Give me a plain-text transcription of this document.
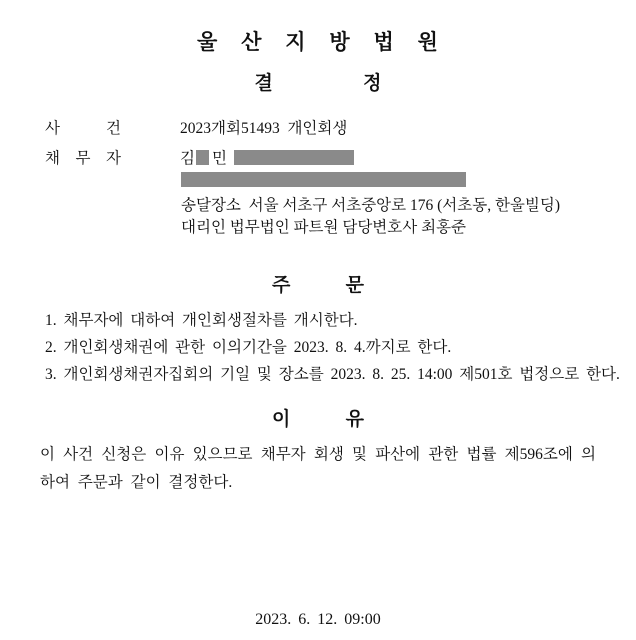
울 산 지 방 법 원
결 정
사 건	2023개회51493  개인회생
채 무 자	김 민
송달장소  서울 서초구 서초중앙로 176 (서초동, 한울빌딩)
대리인 법무법인 파트원 담당변호사 최홍준
주 문
1. 채무자에 대하여 개인회생절차를 개시한다.
2. 개인회생채권에 관한 이의기간을 2023. 8. 4.까지로 한다.
3. 개인회생채권자집회의 기일 및 장소를 2023. 8. 25. 14:00 제501호 법정으로 한다.
이 유
이 사건 신청은 이유 있으므로 채무자 회생 및 파산에 관한 법률 제596조에 의하여 주문과 같이 결정한다.
2023. 6. 12. 09:00
